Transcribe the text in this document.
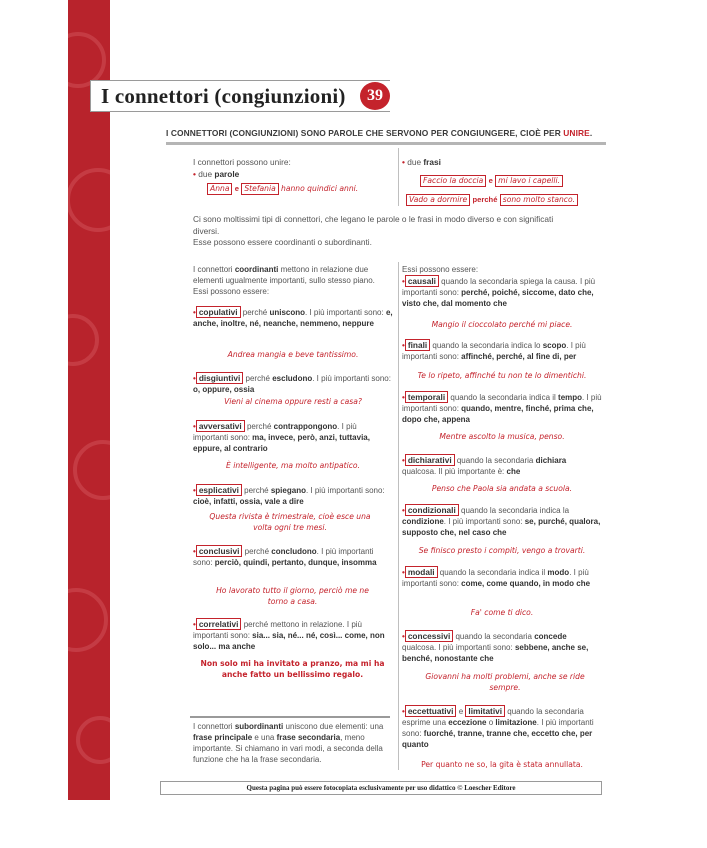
I connettori (congiunzioni)	39
I CONNETTORI (CONGIUNZIONI) SONO PAROLE CHE SERVONO PER CONGIUNGERE, CIOÈ PER UNIRE.
I connettori possono unire:
• due parole
Anna e Stefania hanno quindici anni.
• due frasi
Faccio la doccia e mi lavo i capelli.
Vado a dormire perché sono molto stanco.
Ci sono moltissimi tipi di connettori, che legano le parole o le frasi in modo diverso e con significati
diversi.
Esse possono essere coordinanti o subordinanti.
I connettori coordinanti mettono in relazione due elementi ugualmente importanti, sullo stesso piano. Essi possono essere:
• copulativi perché uniscono. I più importanti sono: e, anche, inoltre, né, neanche, nemmeno, neppure
Andrea mangia e beve tantissimo.
• disgiuntivi perché escludono. I più importanti sono: o, oppure, ossia
Vieni al cinema oppure resti a casa?
• avversativi perché contrappongono. I più importanti sono: ma, invece, però, anzi, tuttavia, eppure, al contrario
È intelligente, ma molto antipatico.
• esplicativi perché spiegano. I più importanti sono: cioè, infatti, ossia, vale a dire
Questa rivista è trimestrale, cioè esce una volta ogni tre mesi.
• conclusivi perché concludono. I più importanti sono: perciò, quindi, pertanto, dunque, insomma
Ho lavorato tutto il giorno, perciò me ne torno a casa.
• correlativi perché mettono in relazione. I più importanti sono: sia... sia, né... né, così... come, non solo... ma anche
Non solo mi ha invitato a pranzo, ma mi ha anche fatto un bellissimo regalo.
I connettori subordinanti uniscono due elementi: una frase principale e una frase secondaria, meno importante. Si chiamano in vari modi, a seconda della funzione che ha la frase secondaria.
Essi possono essere:
• causali quando la secondaria spiega la causa. I più importanti sono: perché, poiché, siccome, dato che, visto che, dal momento che
Mangio il cioccolato perché mi piace.
• finali quando la secondaria indica lo scopo. I più importanti sono: affinché, perché, al fine di, per
Te lo ripeto, affinché tu non te lo dimentichi.
• temporali quando la secondaria indica il tempo. I più importanti sono: quando, mentre, finché, prima che, dopo che, appena
Mentre ascolto la musica, penso.
• dichiarativi quando la secondaria dichiara qualcosa. Il più importante è: che
Penso che Paola sia andata a scuola.
• condizionali quando la secondaria indica la condizione. I più importanti sono: se, purché, qualora, supposto che, nel caso che
Se finisco presto i compiti, vengo a trovarti.
• modali quando la secondaria indica il modo. I più importanti sono: come, come quando, in modo che
Fa' come ti dico.
• concessivi quando la secondaria concede qualcosa. I più importanti sono: sebbene, anche se, benché, nonostante che
Giovanni ha molti problemi, anche se ride sempre.
• eccettuativi e limitativi quando la secondaria esprime una eccezione o limitazione. I più importanti sono: fuorché, tranne, tranne che, eccetto che, per quanto
Per quanto ne so, la gita è stata annullata.
Questa pagina può essere fotocopiata esclusivamente per uso didattico © Loescher Editore
